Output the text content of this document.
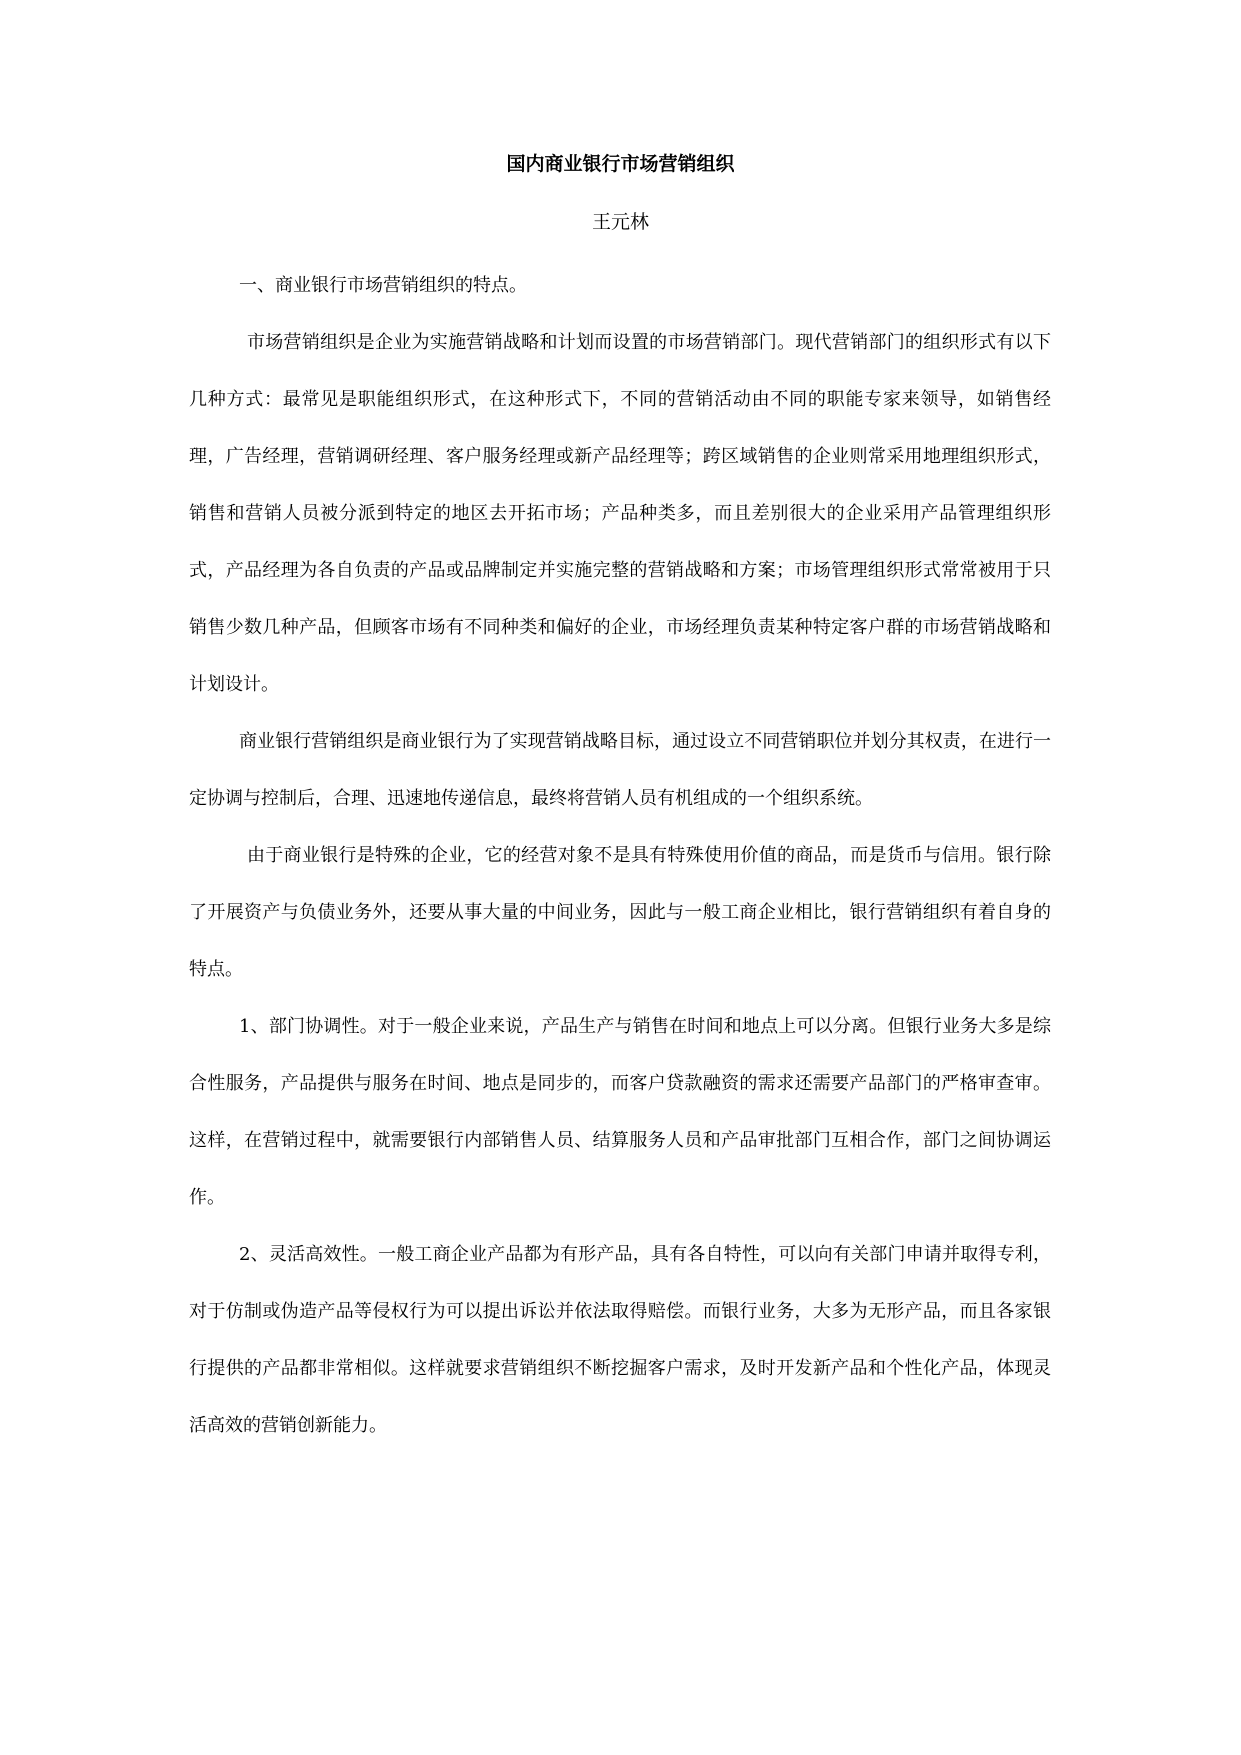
国内商业银行市场营销组织
王元林

一、商业银行市场营销组织的特点。

市场营销组织是企业为实施营销战略和计划而设置的市场营销部门。现代营销部门的组织形式有以下几种方式：最常见是职能组织形式，在这种形式下，不同的营销活动由不同的职能专家来领导，如销售经理，广告经理，营销调研经理、客户服务经理或新产品经理等；跨区域销售的企业则常采用地理组织形式，销售和营销人员被分派到特定的地区去开拓市场；产品种类多，而且差别很大的企业采用产品管理组织形式，产品经理为各自负责的产品或品牌制定并实施完整的营销战略和方案；市场管理组织形式常常被用于只销售少数几种产品，但顾客市场有不同种类和偏好的企业，市场经理负责某种特定客户群的市场营销战略和计划设计。

商业银行营销组织是商业银行为了实现营销战略目标，通过设立不同营销职位并划分其权责，在进行一定协调与控制后，合理、迅速地传递信息，最终将营销人员有机组成的一个组织系统。

由于商业银行是特殊的企业，它的经营对象不是具有特殊使用价值的商品，而是货币与信用。银行除了开展资产与负债业务外，还要从事大量的中间业务，因此与一般工商企业相比，银行营销组织有着自身的特点。

1、部门协调性。对于一般企业来说，产品生产与销售在时间和地点上可以分离。但银行业务大多是综合性服务，产品提供与服务在时间、地点是同步的，而客户贷款融资的需求还需要产品部门的严格审查审。这样，在营销过程中，就需要银行内部销售人员、结算服务人员和产品审批部门互相合作，部门之间协调运作。

2、灵活高效性。一般工商企业产品都为有形产品，具有各自特性，可以向有关部门申请并取得专利，对于仿制或伪造产品等侵权行为可以提出诉讼并依法取得赔偿。而银行业务，大多为无形产品，而且各家银行提供的产品都非常相似。这样就要求营销组织不断挖掘客户需求，及时开发新产品和个性化产品，体现灵活高效的营销创新能力。
